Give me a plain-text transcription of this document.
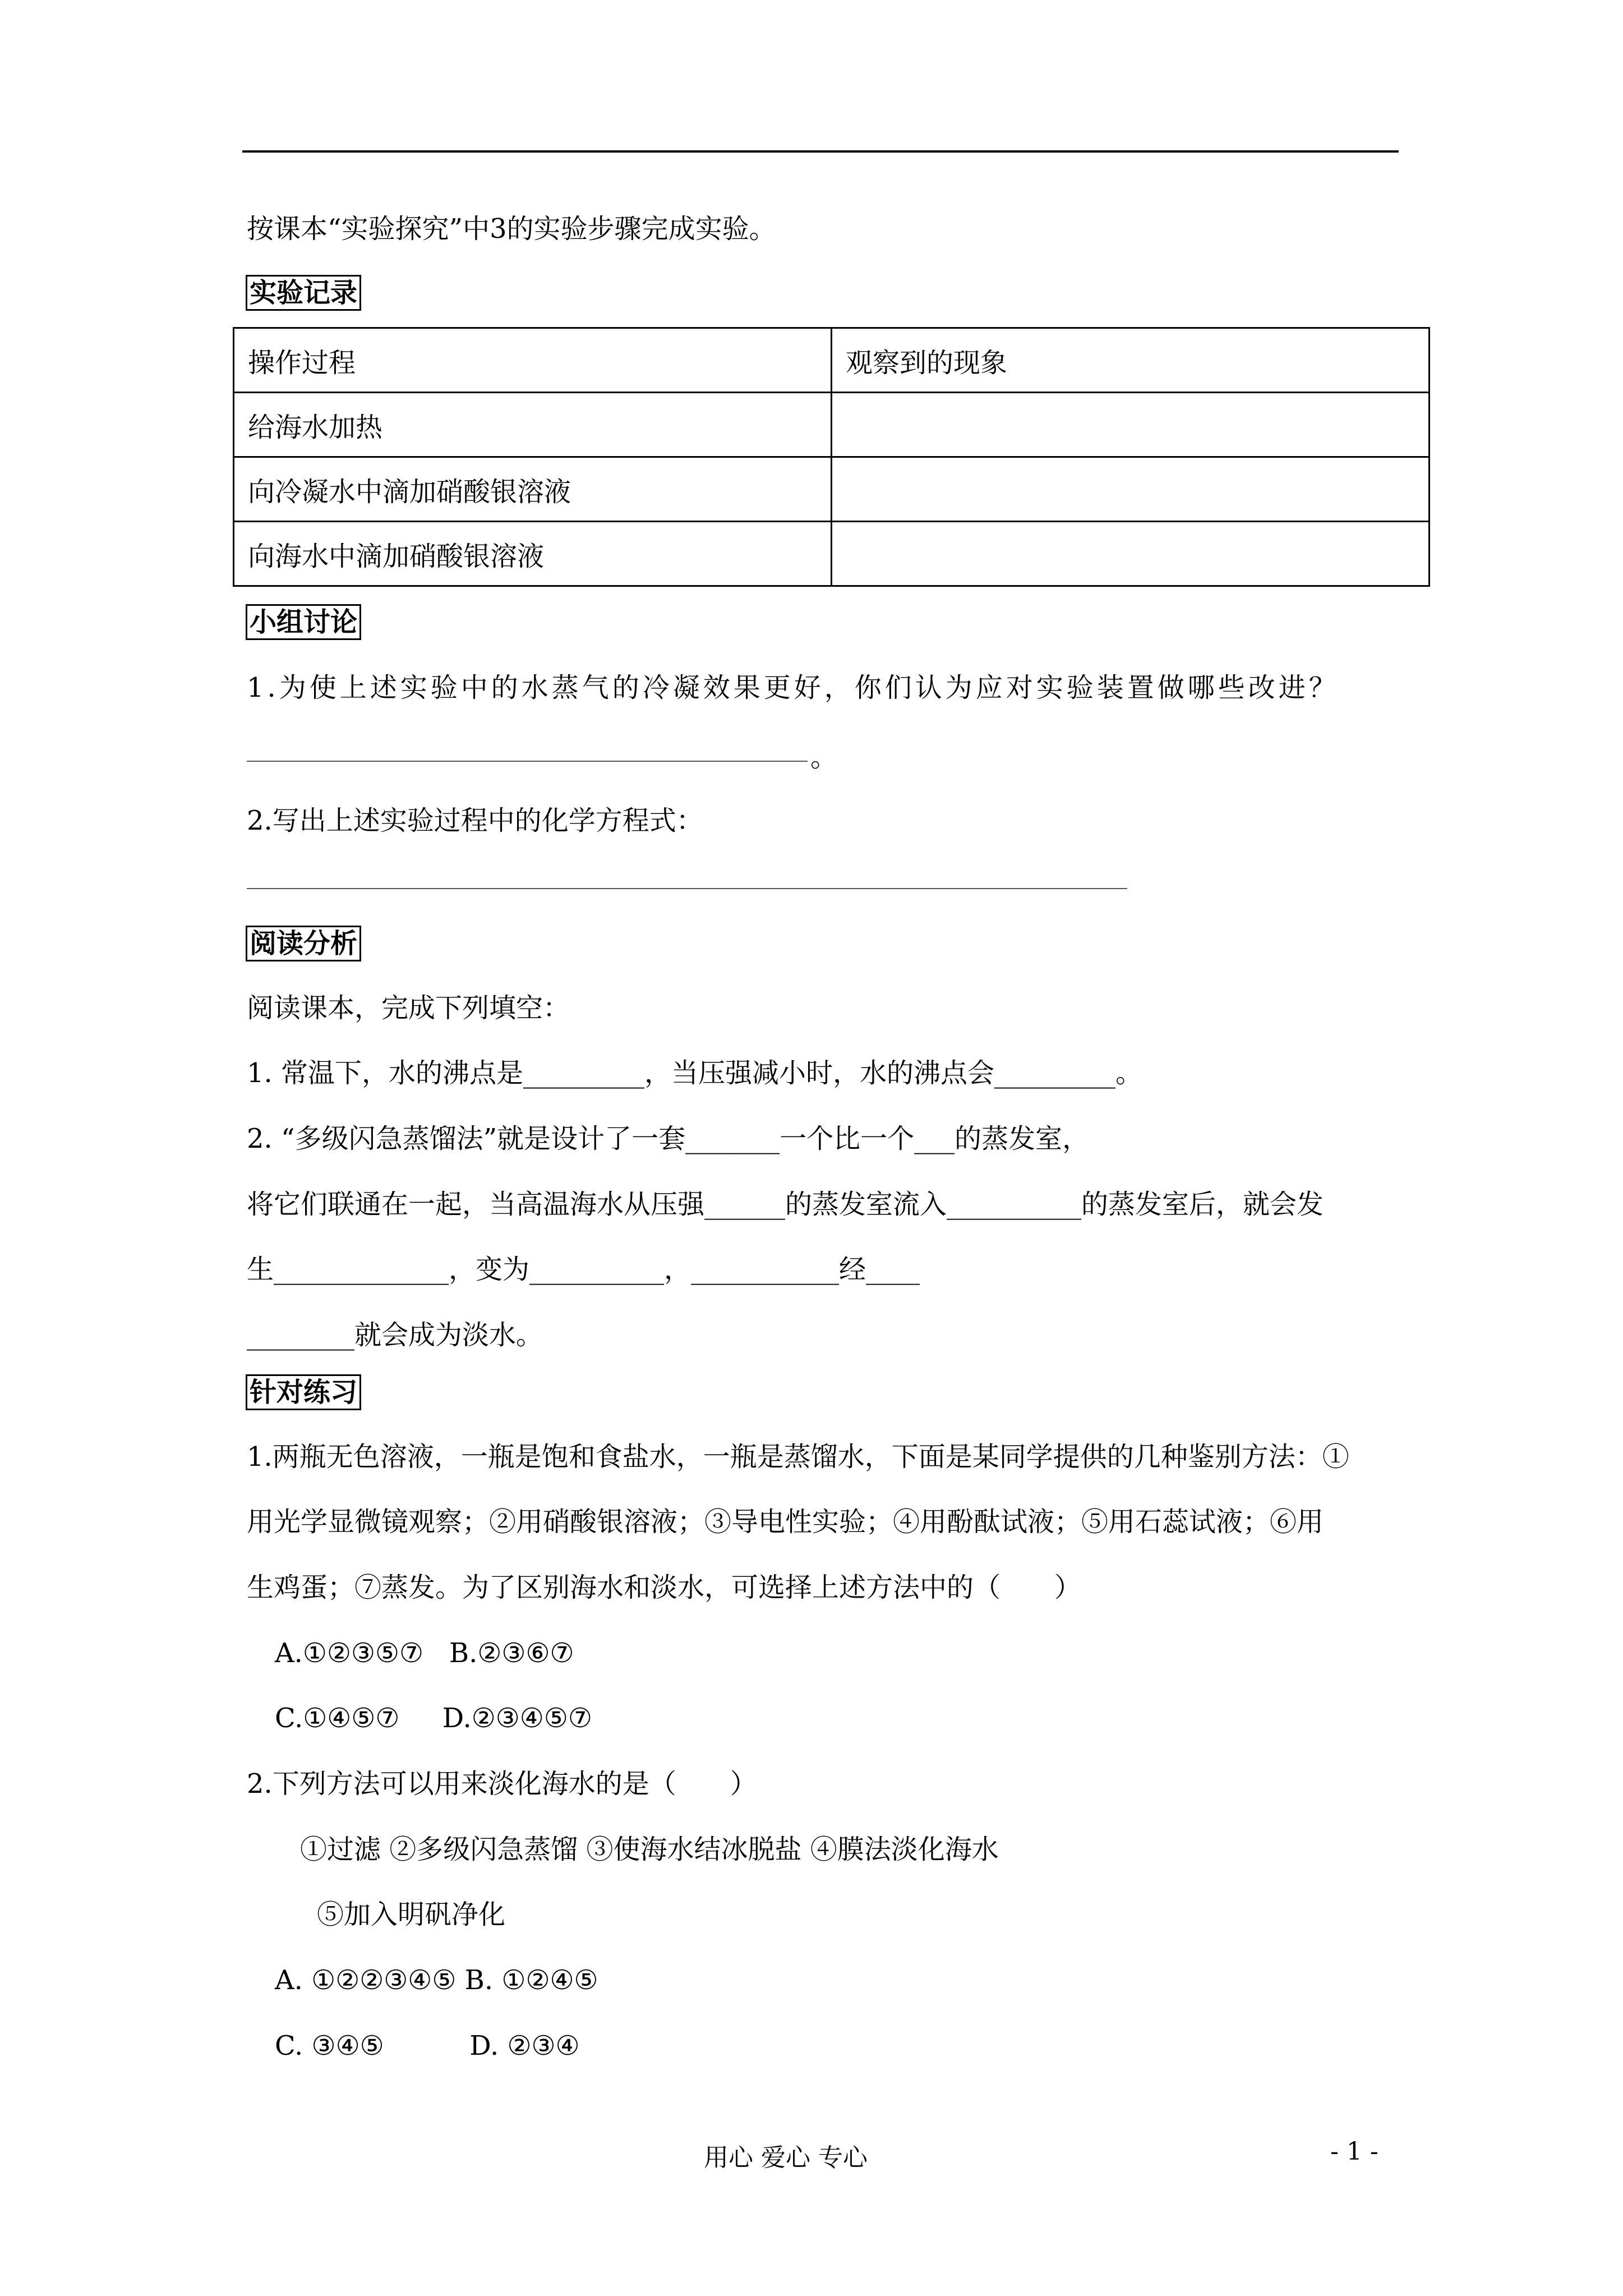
按课本“实验探究”中3的实验步骤完成实验。
实验记录
操作过程	观察到的现象
给海水加热	
向冷凝水中滴加硝酸银溶液	
向海水中滴加硝酸银溶液	
小组讨论
1.为使上述实验中的水蒸气的冷凝效果更好，你们认为应对实验装置做哪些改进？
。
2.写出上述实验过程中的化学方程式：
阅读分析
阅读课本，完成下列填空：
1. 常温下，水的沸点是_________，当压强减小时，水的沸点会_________。
2. “多级闪急蒸馏法”就是设计了一套_______一个比一个___的蒸发室，
将它们联通在一起，当高温海水从压强______的蒸发室流入__________的蒸发室后，就会发
生_____________，变为__________，___________经____
________就会成为淡水。
针对练习
1.两瓶无色溶液，一瓶是饱和食盐水，一瓶是蒸馏水，下面是某同学提供的几种鉴别方法：①
用光学显微镜观察；②用硝酸银溶液；③导电性实验；④用酚酞试液；⑤用石蕊试液；⑥用
生鸡蛋；⑦蒸发。为了区别海水和淡水，可选择上述方法中的（　　）
A.①②③⑤⑦   B.②③⑥⑦
C.①④⑤⑦     D.②③④⑤⑦
2.下列方法可以用来淡化海水的是（　　）
①过滤 ②多级闪急蒸馏 ③使海水结冰脱盐 ④膜法淡化海水
⑤加入明矾净化
A. ①②②③④⑤ B. ①②④⑤
C. ③④⑤          D. ②③④
用心 爱心 专心	- 1 -
